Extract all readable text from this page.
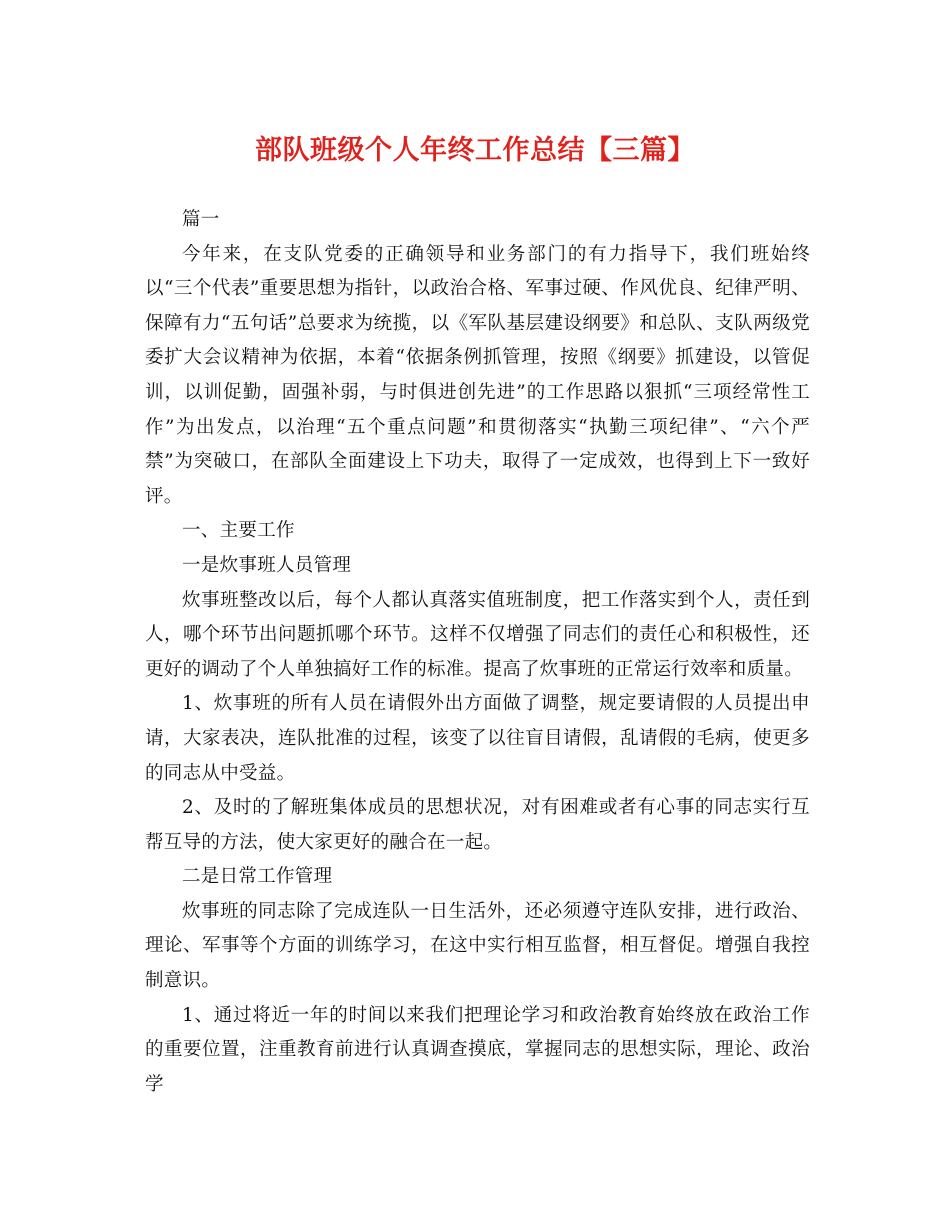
部队班级个人年终工作总结【三篇】

篇一

今年来，在支队党委的正确领导和业务部门的有力指导下，我们班始终以“三个代表”重要思想为指针，以政治合格、军事过硬、作风优良、纪律严明、保障有力“五句话”总要求为统揽，以《军队基层建设纲要》和总队、支队两级党委扩大会议精神为依据，本着“依据条例抓管理，按照《纲要》抓建设，以管促训，以训促勤，固强补弱，与时俱进创先进”的工作思路以狠抓“三项经常性工作”为出发点，以治理“五个重点问题”和贯彻落实“执勤三项纪律”、“六个严禁”为突破口，在部队全面建设上下功夫，取得了一定成效，也得到上下一致好评。

一、主要工作

一是炊事班人员管理

炊事班整改以后，每个人都认真落实值班制度，把工作落实到个人，责任到人，哪个环节出问题抓哪个环节。这样不仅增强了同志们的责任心和积极性，还更好的调动了个人单独搞好工作的标准。提高了炊事班的正常运行效率和质量。

1、炊事班的所有人员在请假外出方面做了调整，规定要请假的人员提出申请，大家表决，连队批准的过程，该变了以往盲目请假，乱请假的毛病，使更多的同志从中受益。

2、及时的了解班集体成员的思想状况，对有困难或者有心事的同志实行互帮互导的方法，使大家更好的融合在一起。

二是日常工作管理

炊事班的同志除了完成连队一日生活外，还必须遵守连队安排，进行政治、理论、军事等个方面的训练学习，在这中实行相互监督，相互督促。增强自我控制意识。

1、通过将近一年的时间以来我们把理论学习和政治教育始终放在政治工作的重要位置，注重教育前进行认真调查摸底，掌握同志的思想实际，理论、政治学
